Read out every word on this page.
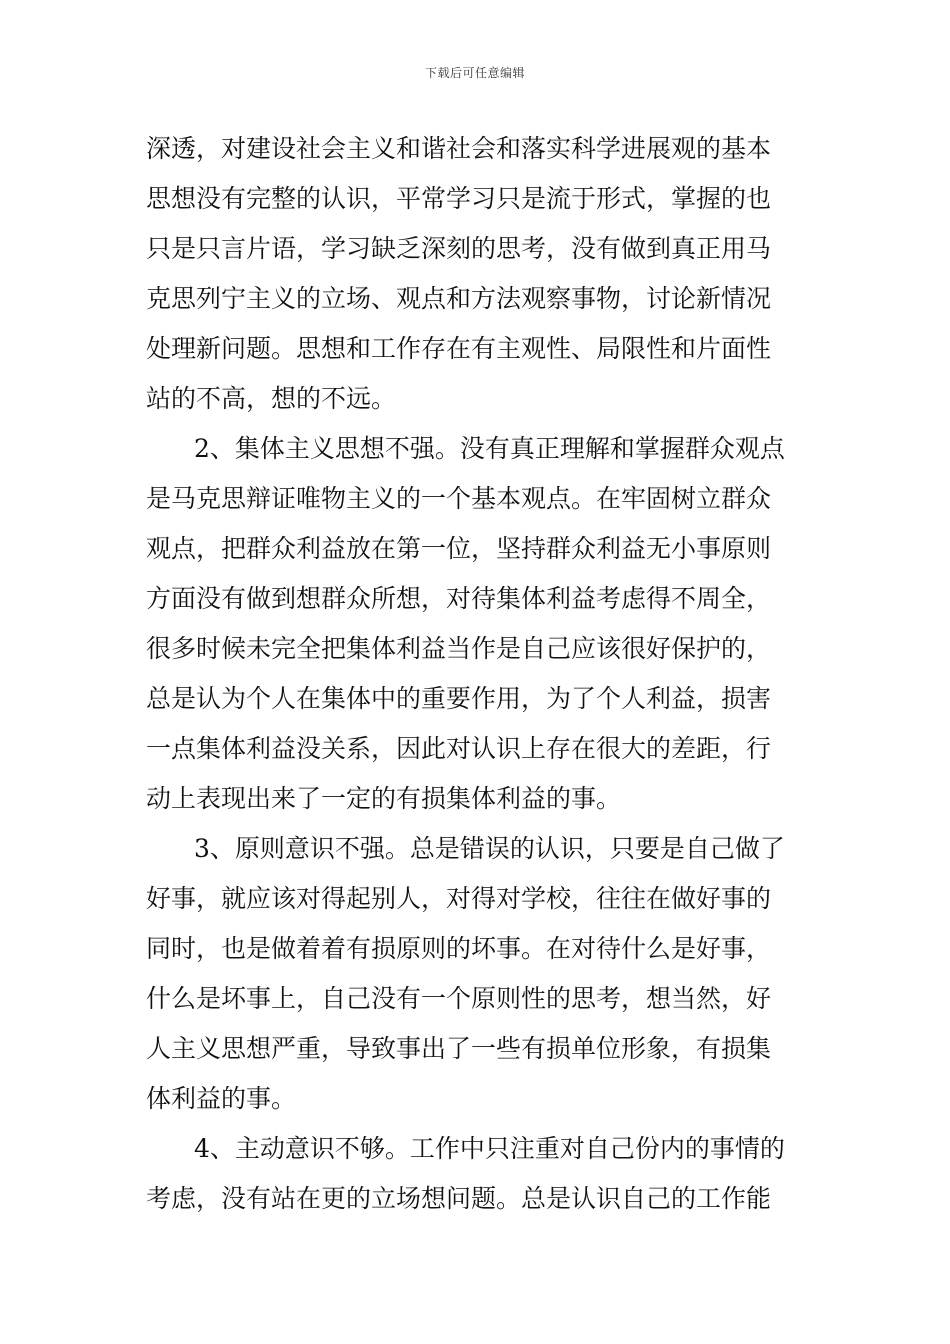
下载后可任意编辑
深透，对建设社会主义和谐社会和落实科学进展观的基本
思想没有完整的认识，平常学习只是流于形式，掌握的也
只是只言片语，学习缺乏深刻的思考，没有做到真正用马
克思列宁主义的立场、观点和方法观察事物，讨论新情况
处理新问题。思想和工作存在有主观性、局限性和片面性
站的不高，想的不远。
2、集体主义思想不强。没有真正理解和掌握群众观点
是马克思辩证唯物主义的一个基本观点。在牢固树立群众
观点，把群众利益放在第一位，坚持群众利益无小事原则
方面没有做到想群众所想，对待集体利益考虑得不周全，
很多时候未完全把集体利益当作是自己应该很好保护的，
总是认为个人在集体中的重要作用，为了个人利益，损害
一点集体利益没关系，因此对认识上存在很大的差距，行
动上表现出来了一定的有损集体利益的事。
3、原则意识不强。总是错误的认识，只要是自己做了
好事，就应该对得起别人，对得对学校，往往在做好事的
同时，也是做着着有损原则的坏事。在对待什么是好事，
什么是坏事上，自己没有一个原则性的思考，想当然，好
人主义思想严重，导致事出了一些有损单位形象，有损集
体利益的事。
4、主动意识不够。工作中只注重对自己份内的事情的
考虑，没有站在更的立场想问题。总是认识自己的工作能
